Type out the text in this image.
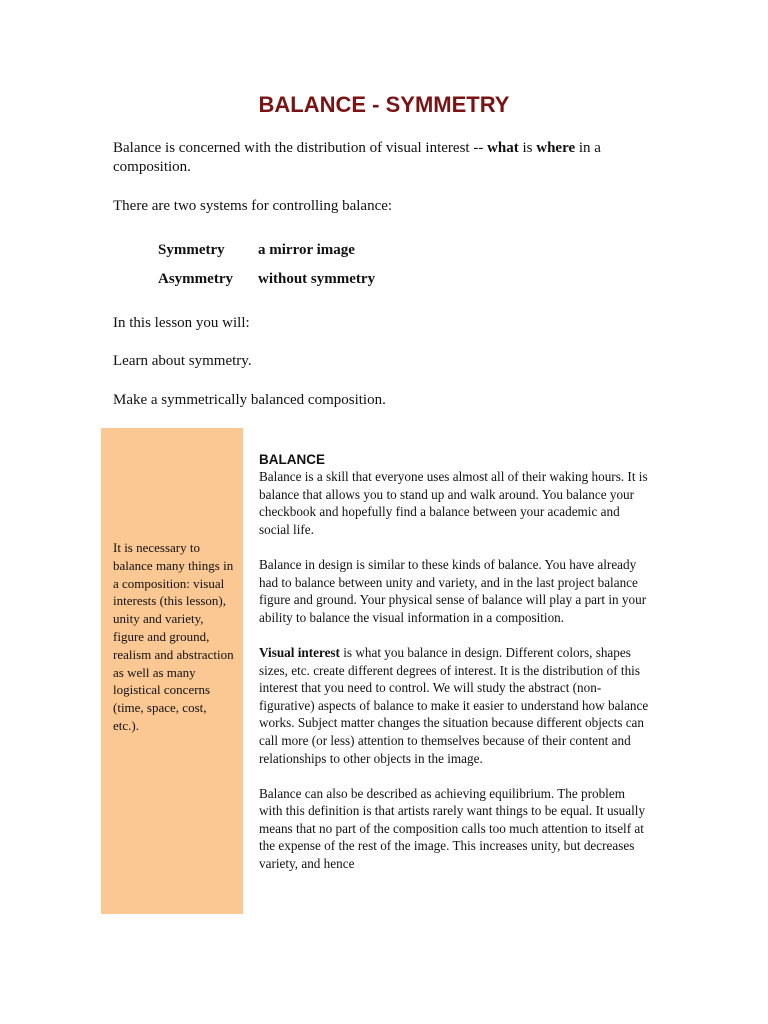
BALANCE - SYMMETRY

Balance is concerned with the distribution of visual interest -- what is where in a composition.

There are two systems for controlling balance:

Symmetry a mirror image
Asymmetry without symmetry

In this lesson you will:

Learn about symmetry.

Make a symmetrically balanced composition.

It is necessary to balance many things in a composition: visual interests (this lesson), unity and variety, figure and ground, realism and abstraction as well as many logistical concerns (time, space, cost, etc.).

BALANCE

Balance is a skill that everyone uses almost all of their waking hours. It is balance that allows you to stand up and walk around. You balance your checkbook and hopefully find a balance between your academic and social life.

Balance in design is similar to these kinds of balance. You have already had to balance between unity and variety, and in the last project balance figure and ground. Your physical sense of balance will play a part in your ability to balance the visual information in a composition.

Visual interest is what you balance in design. Different colors, shapes sizes, etc. create different degrees of interest. It is the distribution of this interest that you need to control. We will study the abstract (non-figurative) aspects of balance to make it easier to understand how balance works. Subject matter changes the situation because different objects can call more (or less) attention to themselves because of their content and relationships to other objects in the image.

Balance can also be described as achieving equilibrium. The problem with this definition is that artists rarely want things to be equal. It usually means that no part of the composition calls too much attention to itself at the expense of the rest of the image. This increases unity, but decreases variety, and hence
